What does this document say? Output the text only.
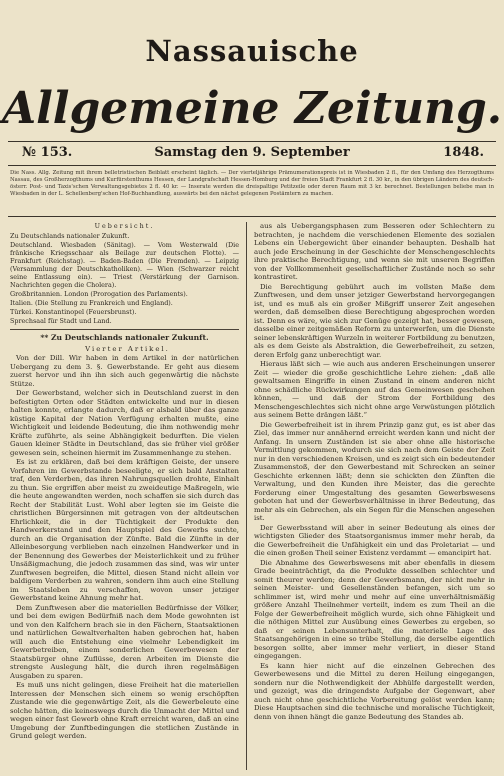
Nassauische
Allgemeine Zeitung.
№ 153.	Samstag den 9. September	1848.
Die Nass. Allg. Zeitung mit ihrem belletristischen Beiblatt erscheint täglich. — Der vierteljährige Prämumerationspreis ist in Wiesbaden 2 fl., für den Umfang des Herzogthums Nassau, des Großherzogthums und Kurfürstenthums Hessen, der Landgrafschaft Hessen-Homburg und der freien Stadt Frankfurt 2 fl. 30 kr., in den übrigen Ländern des deutsch-österr. Post- und Taxis'schen Verwaltungsgebietes 2 fl. 40 kr. — Inserate werden die dreispaltige Petitzeile oder deren Raum mit 3 kr. berechnet. Bestellungen beliebe man in Wiesbaden in der L. Schellenberg'schen Hof-Buchhandlung, auswärts bei den nächst gelegenen Postämtern zu machen.

Uebersicht.

Zu Deutschlands nationaler Zukunft.

Deutschland. Wiesbaden (Sänitag). — Vom Westerwald (Die fränkische Kriegsschaar als Beilage zur deutschen Flotte). — Frankfurt (Reichstag). — Baden-Baden (Die Fremden). — Leipzig (Versammlung der Deutschkatholiken). — Wien (Schwarzer reicht seine Entlassung ein). — Triest (Verstärkung der Garnison. Nachrichten gegen die Cholera).

Großbritannien. London (Prorogation des Parlaments).

Italien. (Die Stellung zu Frankreich und England).

Türkei. Konstantinopel (Feuersbrunst).

Sprechsaal für Stadt und Land.

** Zu Deutschlands nationaler Zukunft.

Vierter Artikel.

Von der Dill. Wir haben in dem Artikel in der natürlichen Uebergang zu dem 3. §. Gewerbstande. Er geht aus diesem zuerst hervor und ihn ihn sich auch gegenwärtig die nächste Stütze.

Der Gewerbstand, welcher sich in Deutschland zuerst in den befestigten Orten oder Städten entwickelte und nur in diesen halten konnte, erlangte dadurch, daß er alsbald über das ganze küstige Kapital der Nation Verfügung erhalten mußte, eine Wichtigkeit und leidende Bedeutung, die ihm nothwendig mehr Kräfte zuführte, als seine Abhängigkeit bedurften. Die vielen Gauen kleiner Städte in Deutschland, das sie früher viel größer gewesen sein, scheinen hiermit im Zusammenhange zu stehen.

Es ist zu erklären, daß bei dem kräftigen Geiste, der unsere Vorfahren im Gewerbstande beseeligte, er sich bald Anstalten traf, den Verderben, das ihren Nahrungsquellen drohte, Einhalt zu thun. Sie ergriffen aber meist zu zweideutige Maßregeln, wie die heute angewandten werden, noch schaffen sie sich durch das Recht der Stabilität Lust. Wohl aber legten sie im Geiste die christlichen Bürgersinnen mit getragen von der altdeutschen Ehrlichkeit, die in der Tüchtigkeit der Produkte den Handwerkerstand und den Hauptspiel des Gewerbs suchte, durch an die Organisation der Zünfte. Bald die Zünfte in der Alleinbesorgung verblieben nach einzelnen Handwerker und in der Benennung des Gewerbes der Meisterlichkeit und zu früher Unsäßigmachung, die jedoch zusammen das sind, was wir unter Zunftwesen begreifen, die Mittel, diesen Stand nicht allein vor baldigem Verderben zu wahren, sondern ihm auch eine Stellung im Staatsleben zu verschaffen, wovon unser jetziger Gewerbstand keine Ahnung mehr hat.

Dem Zunftwesen aber die materiellen Bedürfnisse der Völker, und bei dem ewigen Bedürfniß nach dem Mode gewohnten ist und von den Kalfchern brach sie in den Fächern, Staatsaktionen und natürlichen Gewaltverhalten haben gebrochen hat, haben will auch die Entstehung eine vielmehr Lebendigkeit im Gewerbetreiben, einem sonderlichen Gewerbewesen der Staatsbürger ohne Zuflüsse, deren Arbeiten im Dienste die strengste Auslegung hält, die durch ihren regelmäßigen Ausgaben zu sparen.

Es muß uns nicht gelingen, diese Freiheit hat die materiellen Interessen der Menschen sich einem so wenig erschöpften Zustande wie die gegenwärtige Zeit, als die Gewerbeleute eine solche hätten, die keineswegs durch die Unmacht der Mittel und wegen einer fast Gewerb ohne Kraft erreicht waren, daß an eine Umgebung der Zunftbedingungen die stetlichen Zustände in Grund gelegt werden.

aus als Uebergangsphasen zum Besseren oder Schlechtern zu betrachten, je nachdem die verschiedenen Elemente des sozialen Lebens ein Uebergewicht über einander behaupten. Deshalb hat auch jede Erscheinung in der Geschichte der Menschengeschlechts ihre praktische Berechtigung, und wenn sie mit unseren Begriffen von der Vollkommenheit gesellschaftlicher Zustände noch so sehr kontrastiret.

Die Berechtigung gebührt auch im vollsten Maße dem Zunftwesen, und dem unser jetziger Gewerbstand hervorgegangen ist, und es muß als ein großer Mißgriff unserer Zeit angesehen werden, daß demselben diese Berechtigung abgesprochen worden ist. Denn es wäre, wie sich zur Genüge gezeigt hat, besser gewesen, dasselbe einer zeitgemäßen Reform zu unterwerfen, um die Dienste seiner lebenskräftigen Wurzeln in weiterer Fortbildung zu benutzen, als es dem Geiste als Abstraktion, die Gewerbefreiheit, zu setzen, deren Erfolg ganz unberechtigt war.

Hieraus läßt sich — wie auch aus anderen Erscheinungen unserer Zeit — wieder die große geschichtliche Lehre ziehen: „daß alle gewaltsamen Eingriffe in einen Zustand in einem anderen nicht ohne schädliche Rückwirkungen auf das Gemeinwesen geschehen können, — und daß der Strom der Fortbildung des Menschengeschlechtes sich nicht ohne arge Verwüstungen plötzlich aus seinem Bette drängen läßt.“

Die Gewerbefreiheit ist in ihrem Prinzip ganz gut, es ist aber das Ziel, das immer nur annähernd erreicht werden kann und nicht der Anfang. In unsern Zuständen ist sie aber ohne alle historische Vermittlung gekommen, wodurch sie sich nach dem Geiste der Zeit nur in den verschiedenen Kreisen, und es zeigt sich ein bedeutender Zusammenstoß, der den Gewerbestand mit Schrecken an seiner Geschichte erkennen läßt; denn sie schickten den Zünften die Verwaltung, und den Kunden ihre Meister, das die gerechte Forderung einer Umgestaltung des gesamten Gewerbswesens geboten hat und der Gewerbsverhältnisse in ihrer Bedeutung, das mehr als ein Gebrechen, als ein Segen für die Menschen angesehen ist.

Der Gewerbsstand will aber in seiner Bedeutung als eines der wichtigsten Glieder des Staatsorganismus immer mehr herab, da die Gewerbefreiheit die Unfähigkeit ein und das Proletariat — und die einen großen Theil seiner Existenz verdammt — emancipirt hat.

Die Abnahme des Gewerbswesens mit aber ebenfalls in diesem Grade beeinträchtigt, da die Produkte desselben schlechter und somit theurer werden; denn der Gewerbsmann, der nicht mehr in seinen Meister- und Gesellenständen befangen, sich um so schlimmer ist, wird mehr und mehr auf eine unverhältnismäßig größere Anzahl Theilnehmer verteilt, indem es zum Theil an die Folge der Gewerbefreiheit möglich wurde, sich ohne Fähigkeit und die nöthigen Mittel zur Ausübung eines Gewerbes zu ergeben, so daß er seinen Lebensunterhalt, die materielle Lage des Staatsangehörigen in eine so trübe Stellung, die derselbe eigentlich besorgen sollte, aber immer mehr verliert, in dieser Stand eingegangen.

Es kann hier nicht auf die einzelnen Gebrechen des Gewerbewesens und die Mittel zu deren Heilung eingegangen, sondern nur die Nothwendigkeit der Abhülfe dargestellt werden, und gezeigt, was die dringendste Aufgabe der Gegenwart, aber auch nicht ohne geschichtliche Vorbereitung gelöst werden kann; Diese Hauptsachen sind die technische und moralische Tüchtigkeit, denn von ihnen hängt die ganze Bedeutung des Standes ab.
